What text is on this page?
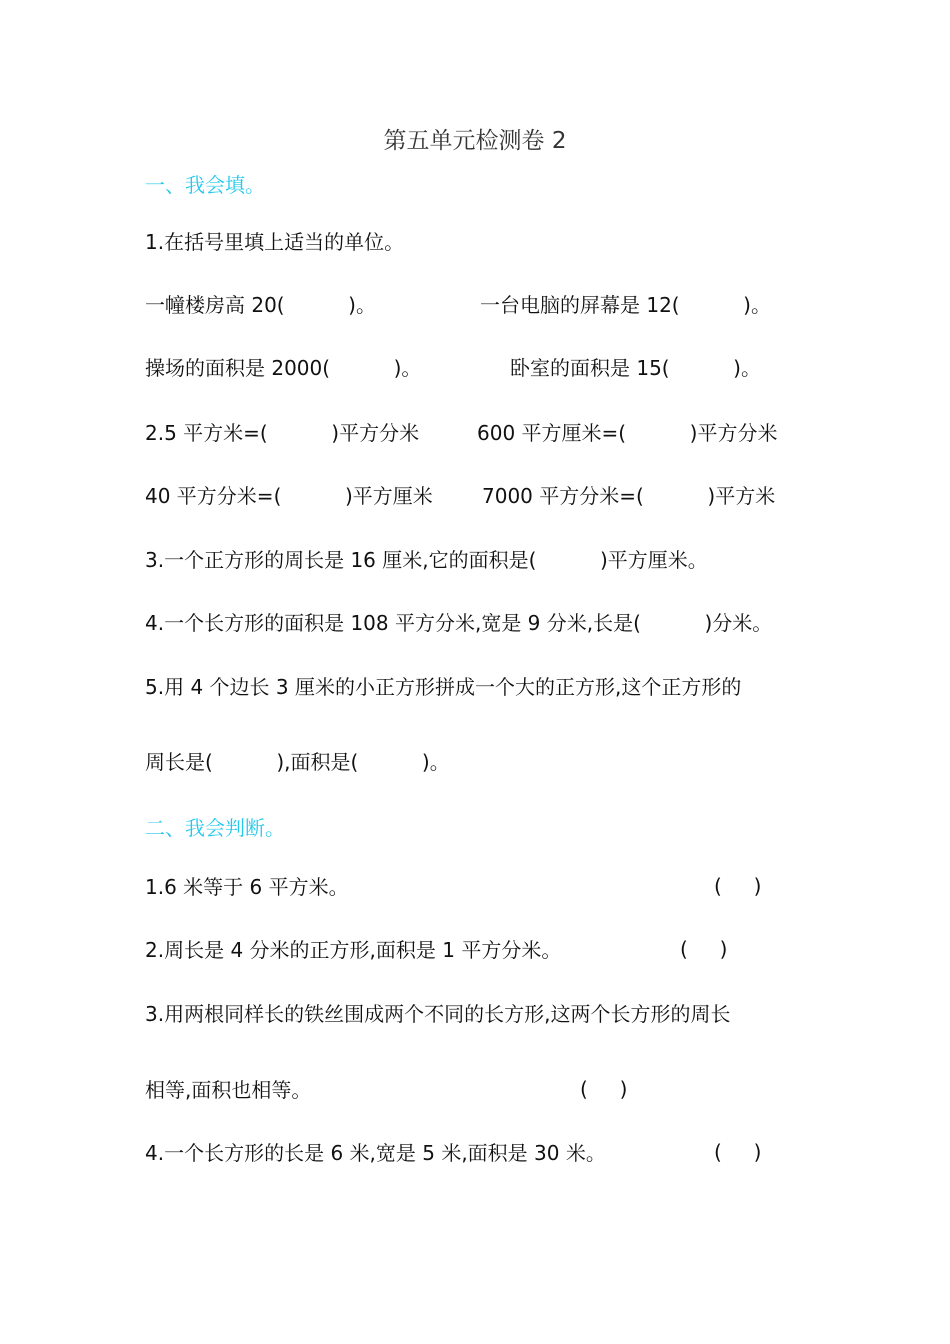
第五单元检测卷 2
一、我会填。
1.在括号里填上适当的单位。
一幢楼房高 20(          )。	一台电脑的屏幕是 12(          )。
操场的面积是 2000(          )。	卧室的面积是 15(          )。
2.5 平方米=(          )平方分米	600 平方厘米=(          )平方分米
40 平方分米=(          )平方厘米 7000 平方分米=(          )平方米
3.一个正方形的周长是 16 厘米,它的面积是(          )平方厘米。
4.一个长方形的面积是 108 平方分米,宽是 9 分米,长是(          )分米。
5.用 4 个边长 3 厘米的小正方形拼成一个大的正方形,这个正方形的
周长是(          ),面积是(          )。
二、我会判断。
1.6 米等于 6 平方米。	(     )
2.周长是 4 分米的正方形,面积是 1 平方分米。	(     )
3.用两根同样长的铁丝围成两个不同的长方形,这两个长方形的周长
相等,面积也相等。	(     )
4.一个长方形的长是 6 米,宽是 5 米,面积是 30 米。	(     )
